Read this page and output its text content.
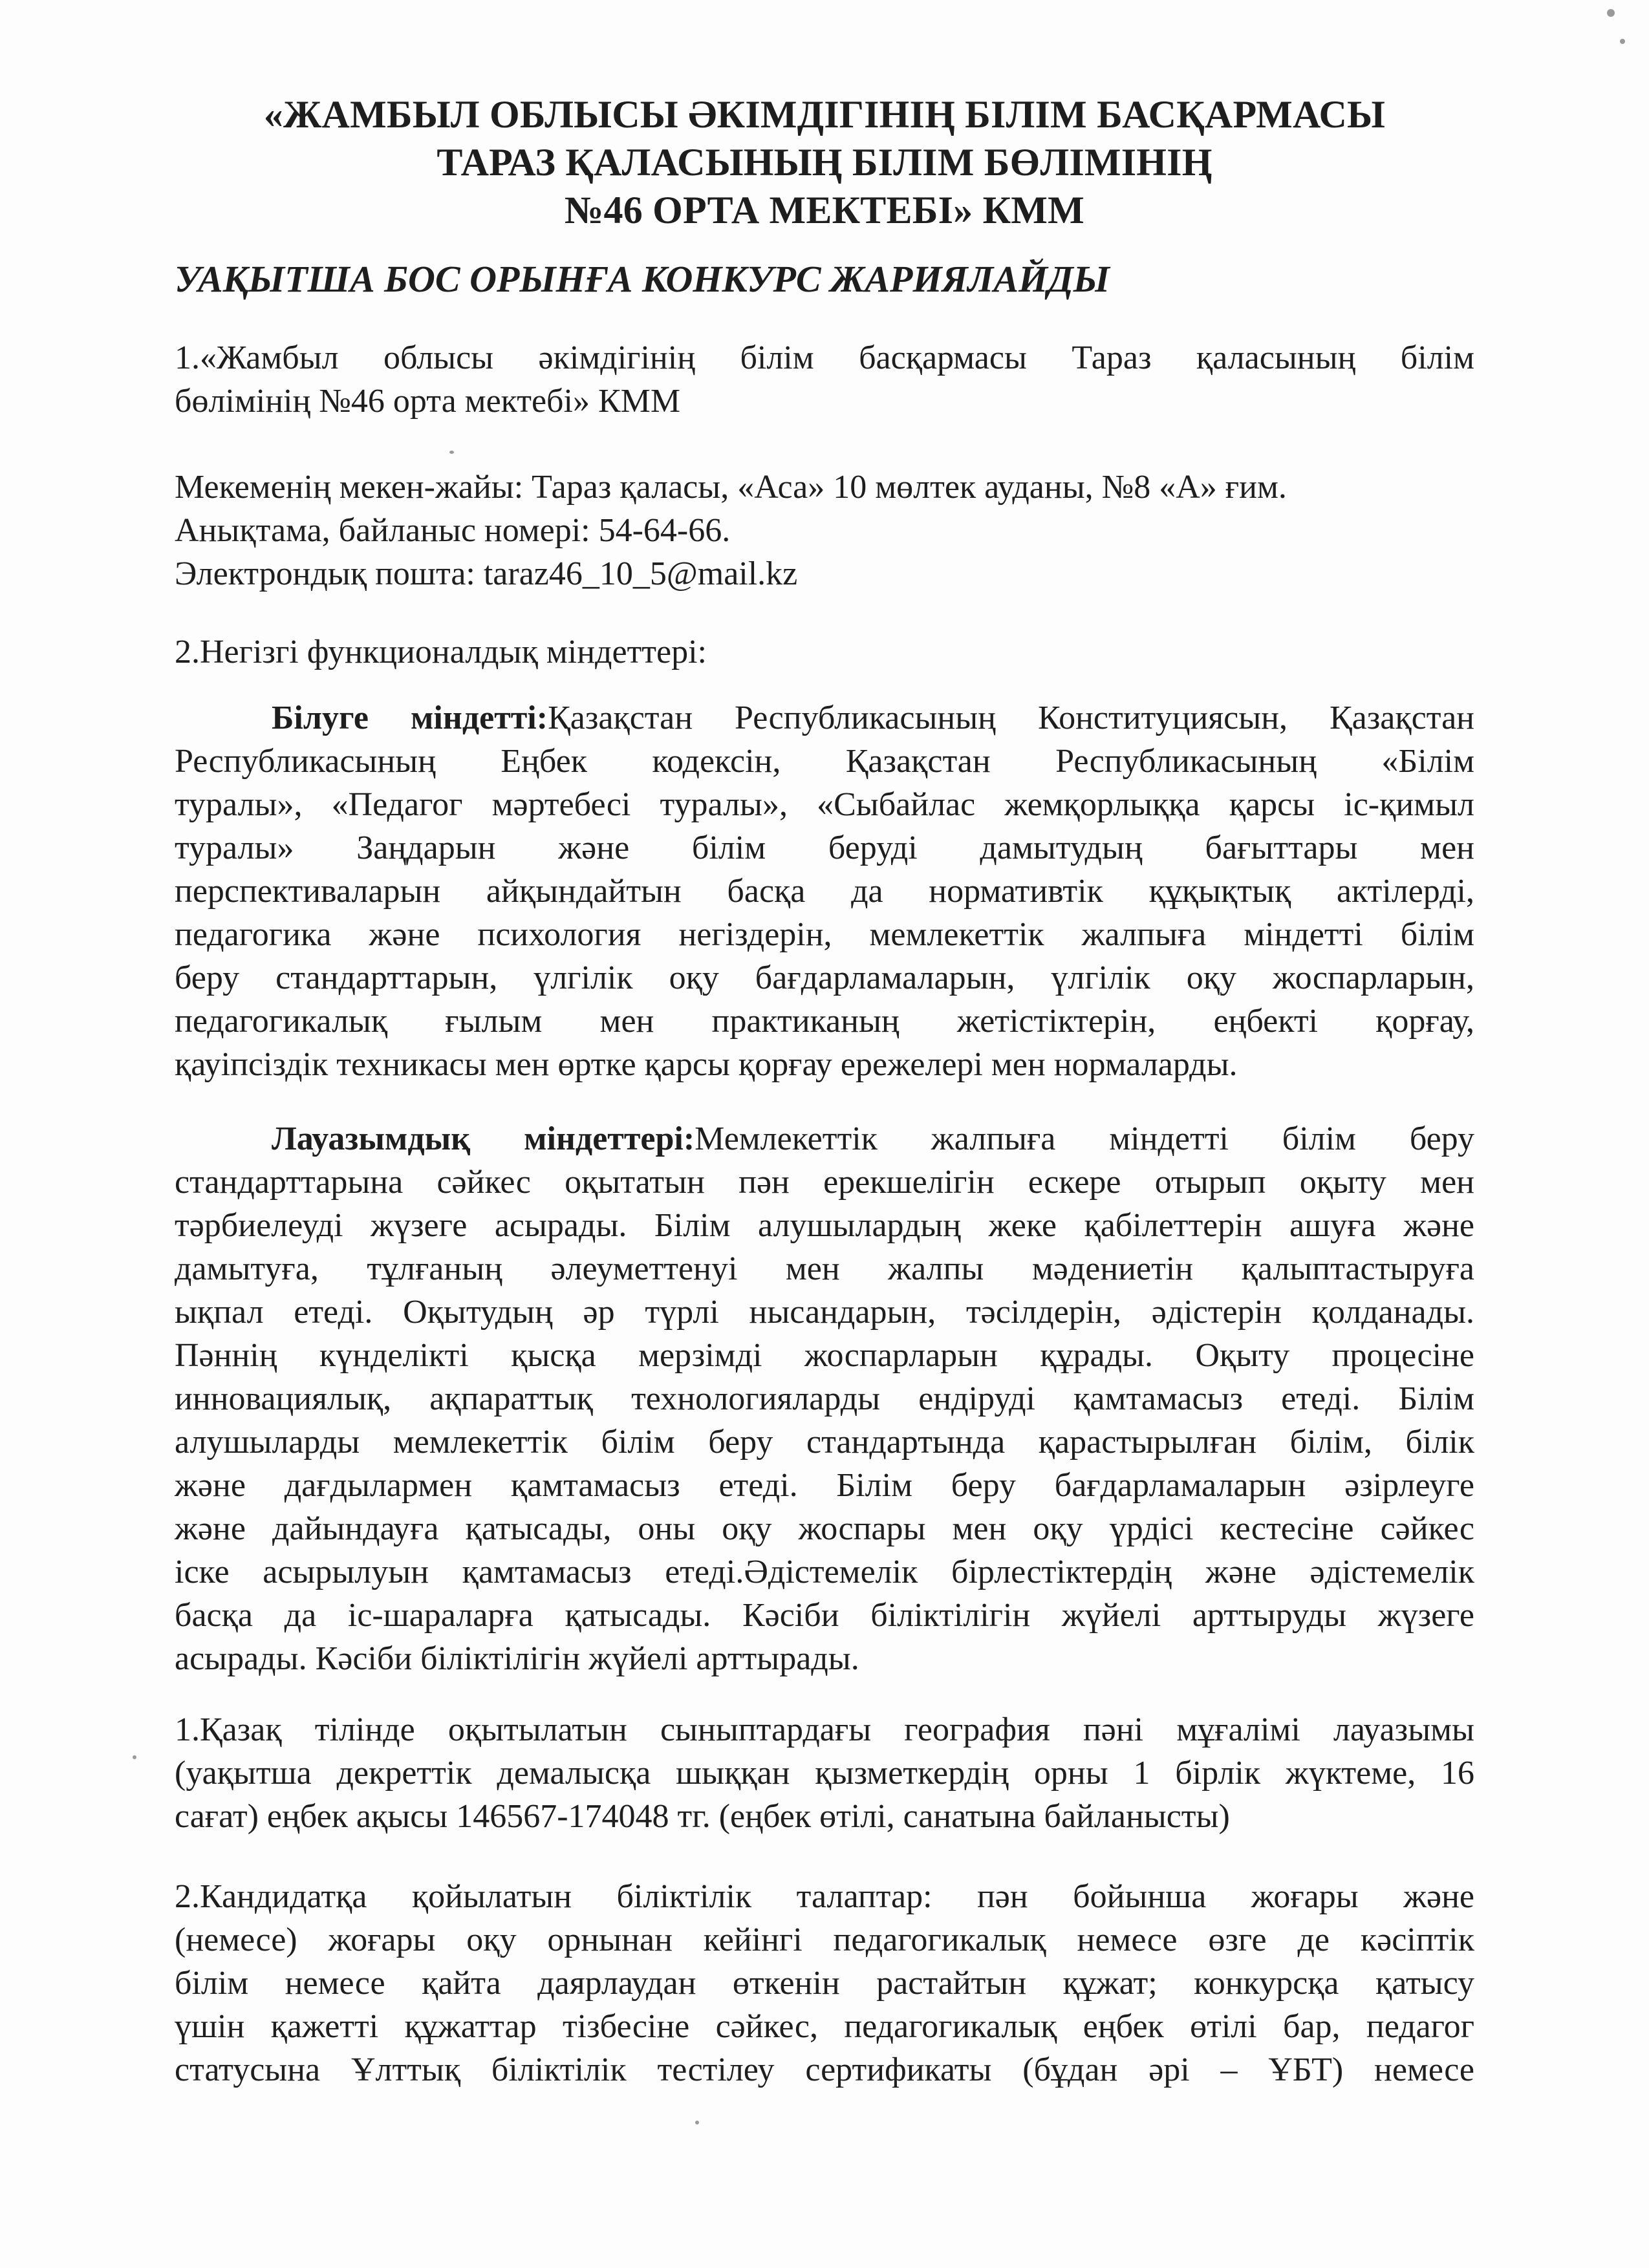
«ЖАМБЫЛ ОБЛЫСЫ ӘКІМДІГІНІҢ БІЛІМ БАСҚАРМАСЫ
ТАРАЗ ҚАЛАСЫНЫҢ БІЛІМ БӨЛІМІНІҢ
№46 ОРТА МЕКТЕБІ» КММ
УАҚЫТША БОС ОРЫНҒА КОНКУРС ЖАРИЯЛАЙДЫ
1.«Жамбыл облысы әкімдігінің білім басқармасы Тараз қаласының білім
бөлімінің №46 орта мектебі» КММ
Мекеменің мекен-жайы: Тараз қаласы, «Аса» 10 мөлтек ауданы, №8 «А» ғим.
Анықтама, байланыс номері: 54-64-66.
Электрондық пошта: taraz46_10_5@mail.kz
2.Негізгі функционалдық міндеттері:
Білуге міндетті:Қазақстан Республикасының Конституциясын, Қазақстан
Республикасының Еңбек кодексін, Қазақстан Республикасының «Білім
туралы», «Педагог мәртебесі туралы», «Сыбайлас жемқорлыққа қарсы іс-қимыл
туралы» Заңдарын және білім беруді дамытудың бағыттары мен
перспективаларын айқындайтын басқа да нормативтік құқықтық актілерді,
педагогика және психология негіздерін, мемлекеттік жалпыға міндетті білім
беру стандарттарын, үлгілік оқу бағдарламаларын, үлгілік оқу жоспарларын,
педагогикалық ғылым мен практиканың жетістіктерін, еңбекті қорғау,
қауіпсіздік техникасы мен өртке қарсы қорғау ережелері мен нормаларды.
Лауазымдық міндеттері:Мемлекеттік жалпыға міндетті білім беру
стандарттарына сәйкес оқытатын пән ерекшелігін ескере отырып оқыту мен
тәрбиелеуді жүзеге асырады. Білім алушылардың жеке қабілеттерін ашуға және
дамытуға, тұлғаның әлеуметтенуі мен жалпы мәдениетін қалыптастыруға
ықпал етеді. Оқытудың әр түрлі нысандарын, тәсілдерін, әдістерін қолданады.
Пәннің күнделікті қысқа мерзімді жоспарларын құрады. Оқыту процесіне
инновациялық, ақпараттық технологияларды ендіруді қамтамасыз етеді. Білім
алушыларды мемлекеттік білім беру стандартында қарастырылған білім, білік
және дағдылармен қамтамасыз етеді. Білім беру бағдарламаларын әзірлеуге
және дайындауға қатысады, оны оқу жоспары мен оқу үрдісі кестесіне сәйкес
іске асырылуын қамтамасыз етеді.Әдістемелік бірлестіктердің және әдістемелік
басқа да іс-шараларға қатысады. Кәсіби біліктілігін жүйелі арттыруды жүзеге
асырады. Кәсіби біліктілігін жүйелі арттырады.
1.Қазақ тілінде оқытылатын сыныптардағы география пәні мұғалімі лауазымы
(уақытша декреттік демалысқа шыққан қызметкердің орны 1 бірлік жүктеме, 16
сағат) еңбек ақысы 146567-174048 тг. (еңбек өтілі, санатына байланысты)
2.Кандидатқа қойылатын біліктілік талаптар: пән бойынша жоғары және
(немесе) жоғары оқу орнынан кейінгі педагогикалық немесе өзге де кәсіптік
білім немесе қайта даярлаудан өткенін растайтын құжат; конкурсқа қатысу
үшін қажетті құжаттар тізбесіне сәйкес, педагогикалық еңбек өтілі бар, педагог
статусына Ұлттық біліктілік тестілеу сертификаты (бұдан әрі – ҰБТ) немесе
